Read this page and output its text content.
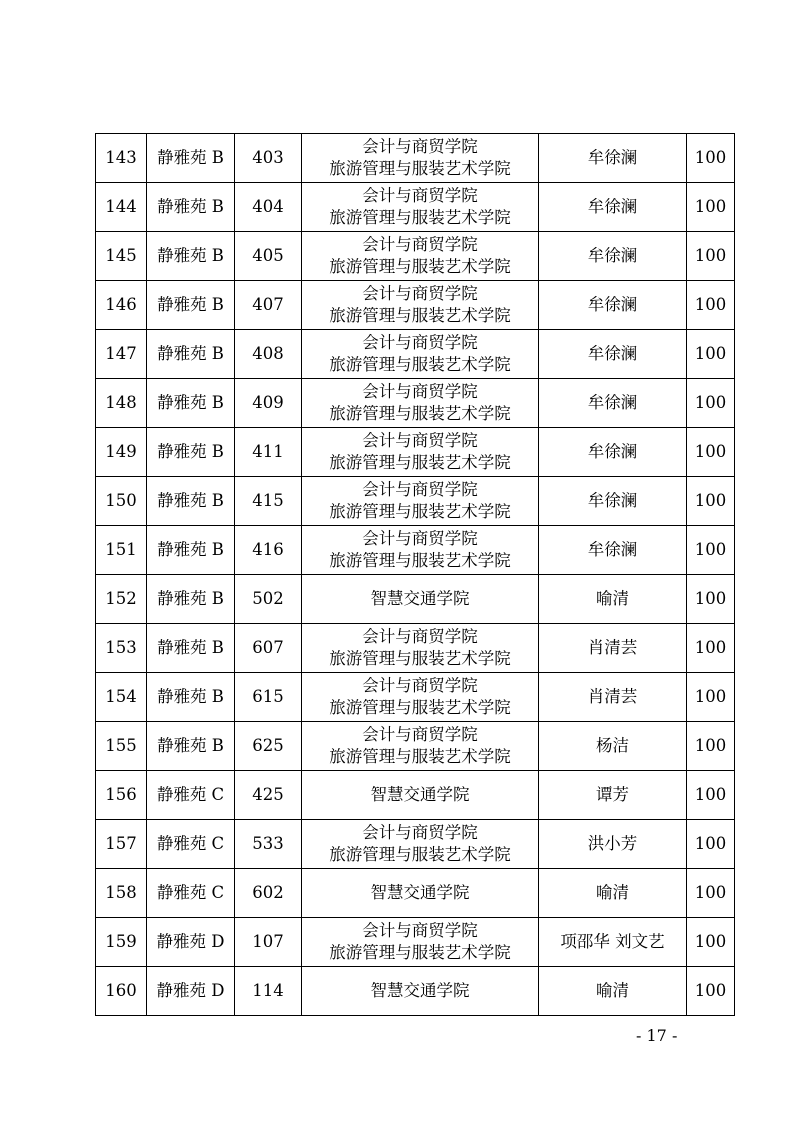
143	静雅苑 B	403	会计与商贸学院
旅游管理与服装艺术学院	牟徐澜	100
144	静雅苑 B	404	会计与商贸学院
旅游管理与服装艺术学院	牟徐澜	100
145	静雅苑 B	405	会计与商贸学院
旅游管理与服装艺术学院	牟徐澜	100
146	静雅苑 B	407	会计与商贸学院
旅游管理与服装艺术学院	牟徐澜	100
147	静雅苑 B	408	会计与商贸学院
旅游管理与服装艺术学院	牟徐澜	100
148	静雅苑 B	409	会计与商贸学院
旅游管理与服装艺术学院	牟徐澜	100
149	静雅苑 B	411	会计与商贸学院
旅游管理与服装艺术学院	牟徐澜	100
150	静雅苑 B	415	会计与商贸学院
旅游管理与服装艺术学院	牟徐澜	100
151	静雅苑 B	416	会计与商贸学院
旅游管理与服装艺术学院	牟徐澜	100
152	静雅苑 B	502	智慧交通学院	喻清	100
153	静雅苑 B	607	会计与商贸学院
旅游管理与服装艺术学院	肖清芸	100
154	静雅苑 B	615	会计与商贸学院
旅游管理与服装艺术学院	肖清芸	100
155	静雅苑 B	625	会计与商贸学院
旅游管理与服装艺术学院	杨洁	100
156	静雅苑 C	425	智慧交通学院	谭芳	100
157	静雅苑 C	533	会计与商贸学院
旅游管理与服装艺术学院	洪小芳	100
158	静雅苑 C	602	智慧交通学院	喻清	100
159	静雅苑 D	107	会计与商贸学院
旅游管理与服装艺术学院	项邵华 刘文艺	100
160	静雅苑 D	114	智慧交通学院	喻清	100
- 17 -
